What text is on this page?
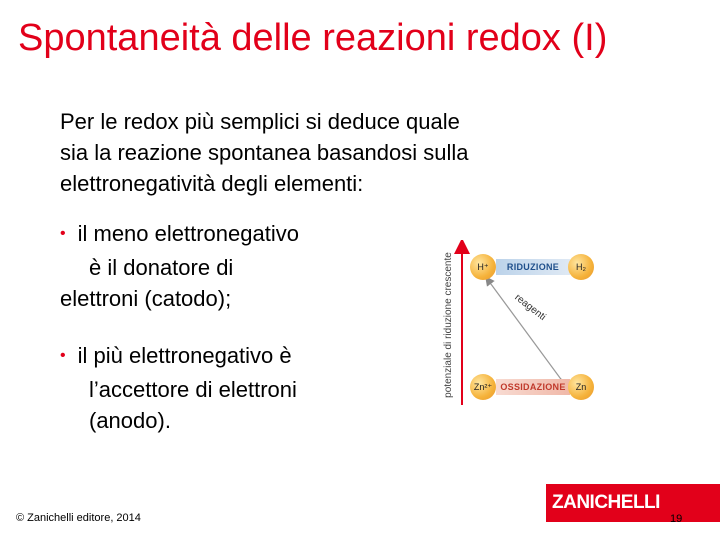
Spontaneità delle reazioni redox (I)
Per le redox più semplici si deduce quale
sia la reazione spontanea basandosi sulla
elettronegatività degli elementi:
• il meno elettronegativo
è il donatore di
elettroni (catodo);
• il più elettronegativo è
l’accettore di elettroni
(anodo).
potenziale di riduzione crescente	H⁺	RIDUZIONE	H₂
reagenti
Zn²⁺ OSSIDAZIONE	Zn
© Zanichelli editore, 2014
ZANICHELLI
19
